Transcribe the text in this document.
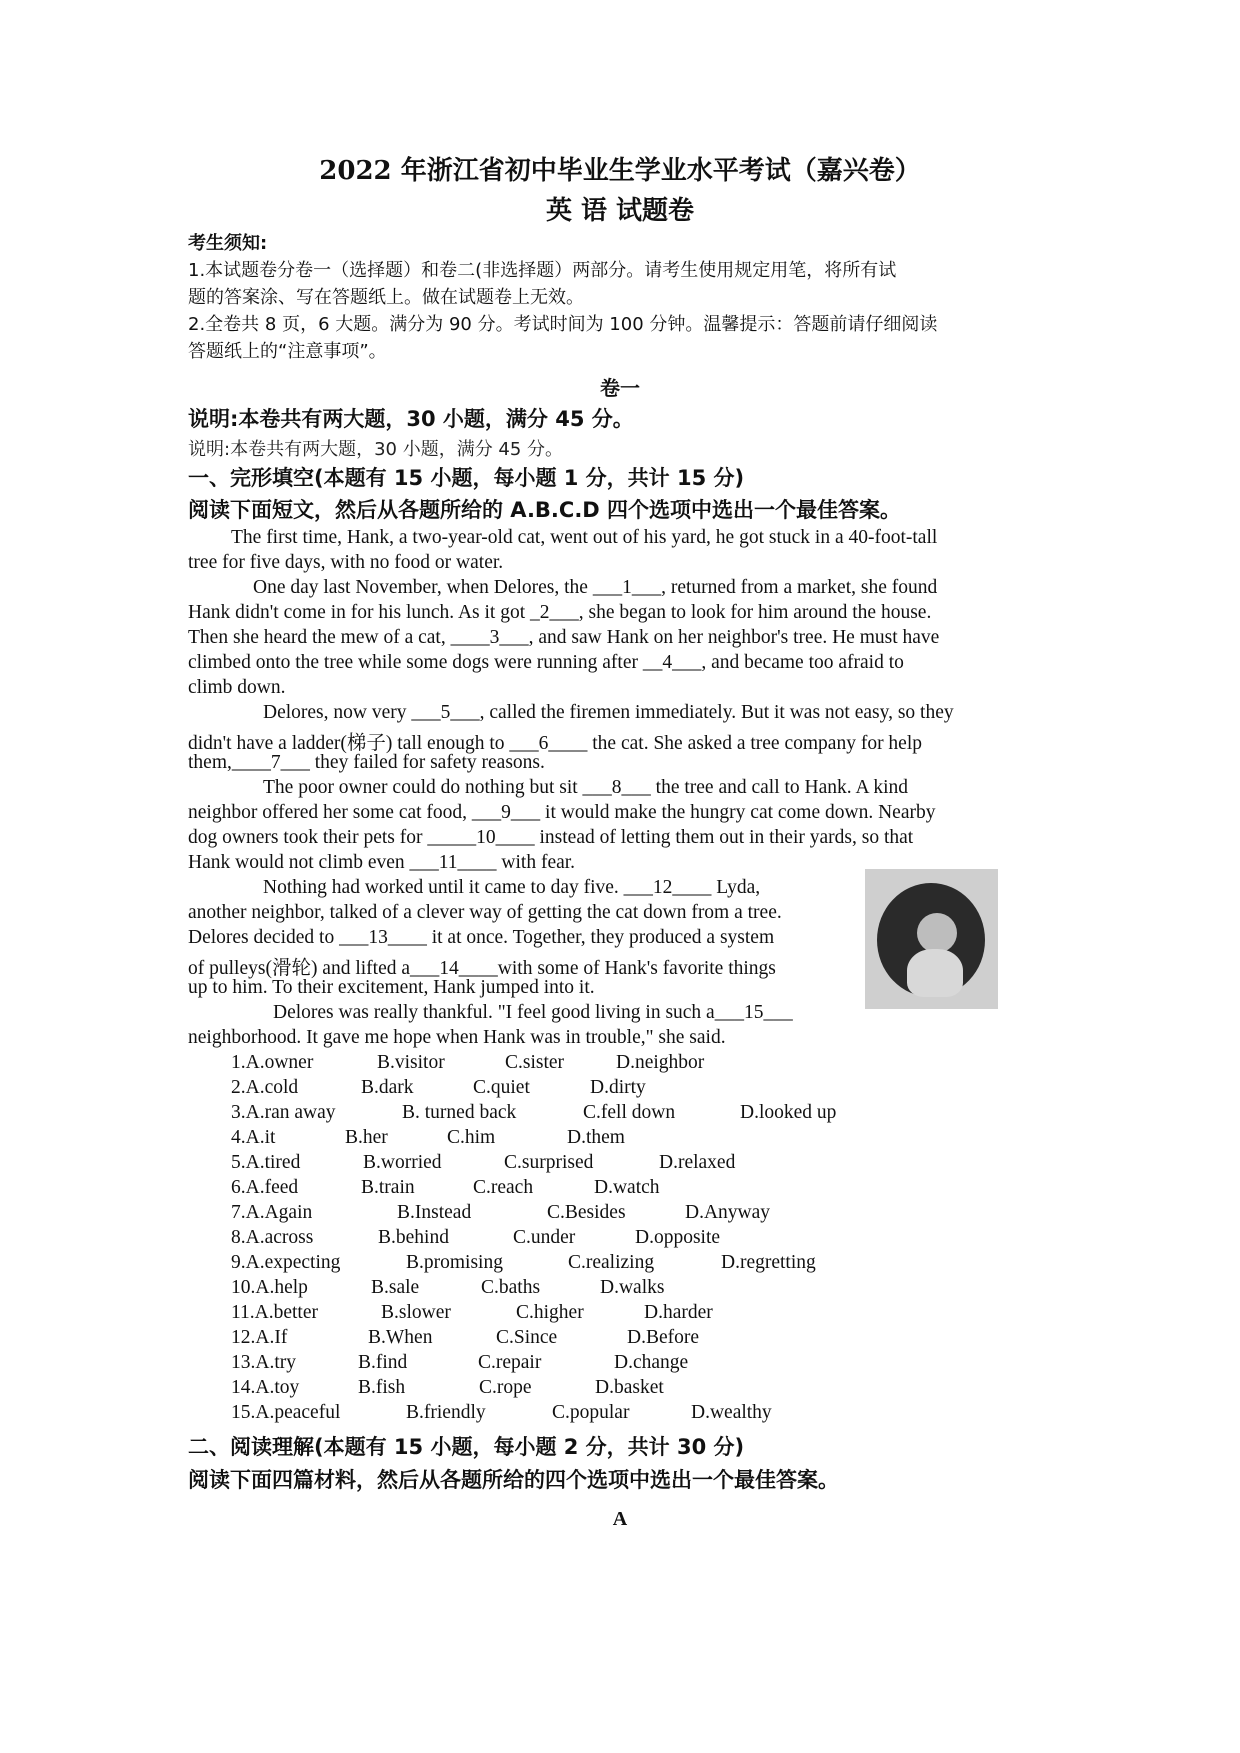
2022 年浙江省初中毕业生学业水平考试（嘉兴卷）
英 语 试题卷
考生须知:
1.本试题卷分卷一（选择题）和卷二(非选择题）两部分。请考生使用规定用笔，将所有试
题的答案涂、写在答题纸上。做在试题卷上无效。
2.全卷共 8 页，6 大题。满分为 90 分。考试时间为 100 分钟。温馨提示：答题前请仔细阅读
答题纸上的“注意事项”。
卷一
说明:本卷共有两大题，30 小题，满分 45 分。
说明:本卷共有两大题，30 小题，满分 45 分。
一、完形填空(本题有 15 小题，每小题 1 分，共计 15 分)
阅读下面短文，然后从各题所给的 A.B.C.D 四个选项中选出一个最佳答案。
The first time, Hank, a two-year-old cat, went out of his yard, he got stuck in a 40-foot-tall
tree for five days, with no food or water.
One day last November, when Delores, the ___1___, returned from a market, she found
Hank didn't come in for his lunch. As it got _2___, she began to look for him around the house.
Then she heard the mew of a cat, ____3___, and saw Hank on her neighbor's tree. He must have
climbed onto the tree while some dogs were running after __4___, and became too afraid to
climb down.
Delores, now very ___5___, called the firemen immediately. But it was not easy, so they
didn't have a ladder(梯子) tall enough to ___6____ the cat. She asked a tree company for help
them,____7___ they failed for safety reasons.
The poor owner could do nothing but sit ___8___ the tree and call to Hank. A kind
neighbor offered her some cat food, ___9___ it would make the hungry cat come down. Nearby
dog owners took their pets for _____10____ instead of letting them out in their yards, so that
Hank would not climb even ___11____ with fear.
Nothing had worked until it came to day five. ___12____ Lyda,
another neighbor, talked of a clever way of getting the cat down from a tree.
Delores decided to ___13____ it at once. Together, they produced a system
of pulleys(滑轮) and lifted a___14____with some of Hank's favorite things
up to him. To their excitement, Hank jumped into it.
Delores was really thankful. "I feel good living in such a___15___
neighborhood. It gave me hope when Hank was in trouble," she said.
1.A.owner	B.visitor	C.sister	D.neighbor
2.A.cold	B.dark	C.quiet	D.dirty
3.A.ran away	B. turned back	C.fell down	D.looked up
4.A.it	B.her	C.him	D.them
5.A.tired	B.worried	C.surprised	D.relaxed
6.A.feed	B.train	C.reach	D.watch
7.A.Again	B.Instead	C.Besides	D.Anyway
8.A.across	B.behind	C.under	D.opposite
9.A.expecting	B.promising	C.realizing	D.regretting
10.A.help	B.sale	C.baths	D.walks
11.A.better	B.slower	C.higher	D.harder
12.A.If	B.When	C.Since	D.Before
13.A.try	B.find	C.repair	D.change
14.A.toy	B.fish	C.rope	D.basket
15.A.peaceful	B.friendly	C.popular	D.wealthy
二、阅读理解(本题有 15 小题，每小题 2 分，共计 30 分)
阅读下面四篇材料，然后从各题所给的四个选项中选出一个最佳答案。
A
